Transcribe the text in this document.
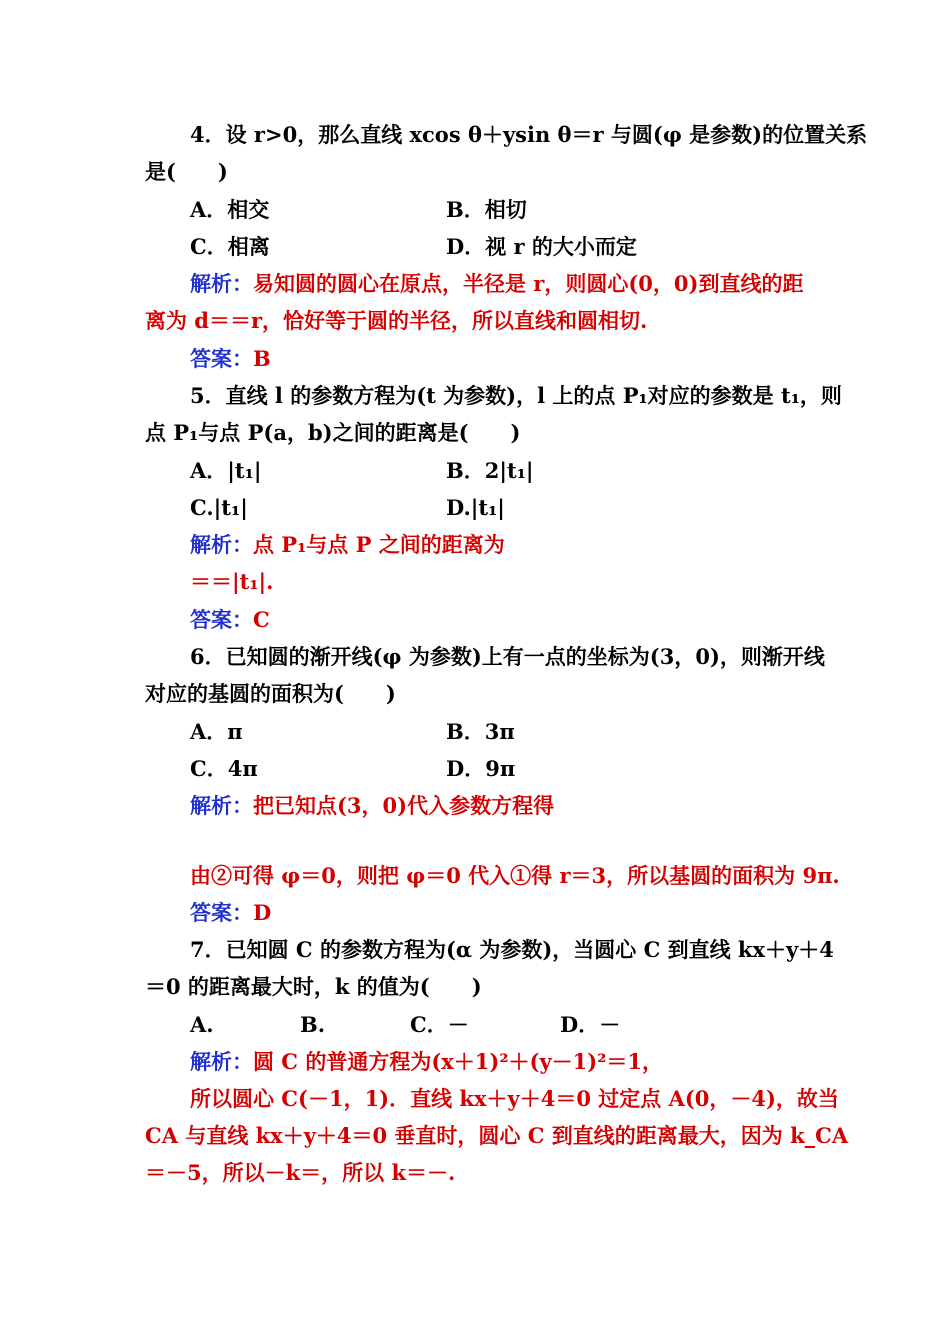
4．设 r>0，那么直线 xcos θ＋ysin θ＝r 与圆(φ 是参数)的位置关系
是(　　)
A．相交	B．相切
C．相离	D．视 r 的大小而定
解析：易知圆的圆心在原点，半径是 r，则圆心(0，0)到直线的距
离为 d＝＝r，恰好等于圆的半径，所以直线和圆相切.
答案：B
5．直线 l 的参数方程为(t 为参数)，l 上的点 P₁对应的参数是 t₁，则
点 P₁与点 P(a，b)之间的距离是(　　)
A．|t₁|	B．2|t₁|
C.|t₁|	D.|t₁|
解析：点 P₁与点 P 之间的距离为
＝＝|t₁|.
答案：C
6．已知圆的渐开线(φ 为参数)上有一点的坐标为(3，0)，则渐开线
对应的基圆的面积为(　　)
A．π	B．3π
C．4π	D．9π
解析：把已知点(3，0)代入参数方程得
由②可得 φ＝0，则把 φ＝0 代入①得 r＝3，所以基圆的面积为 9π.
答案：D
7．已知圆 C 的参数方程为(α 为参数)，当圆心 C 到直线 kx＋y＋4
＝0 的距离最大时，k 的值为(　　)
A.	B.	C．－	D．－
解析：圆 C 的普通方程为(x＋1)²＋(y－1)²＝1，
所以圆心 C(－1，1)．直线 kx＋y＋4＝0 过定点 A(0，－4)，故当
CA 与直线 kx＋y＋4＝0 垂直时，圆心 C 到直线的距离最大，因为 k_CA
＝－5，所以－k＝，所以 k＝－.
